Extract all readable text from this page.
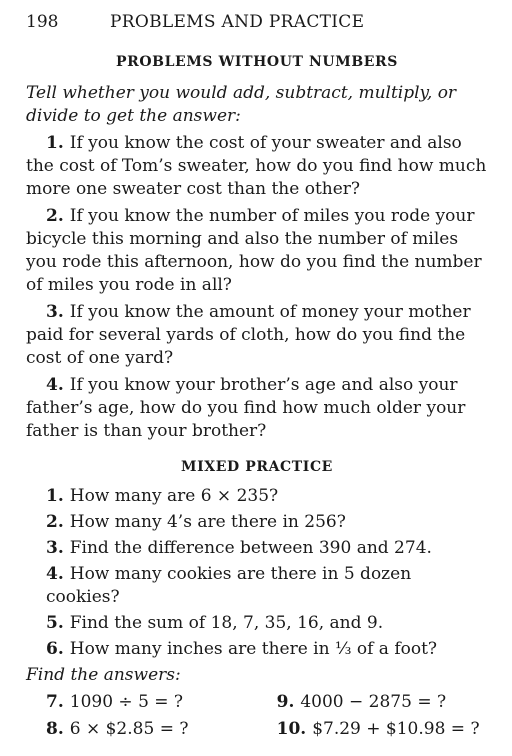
198	PROBLEMS AND PRACTICE
PROBLEMS WITHOUT NUMBERS

Tell whether you would add, subtract, multiply, or divide to get the answer:

1. If you know the cost of your sweater and also the cost of Tom’s sweater, how do you find how much more one sweater cost than the other?

2. If you know the number of miles you rode your bicycle this morning and also the number of miles you rode this afternoon, how do you find the number of miles you rode in all?

3. If you know the amount of money your mother paid for several yards of cloth, how do you find the cost of one yard?

4. If you know your brother’s age and also your father’s age, how do you find how much older your father is than your brother?

MIXED PRACTICE

1. How many are 6 × 235?

2. How many 4’s are there in 256?

3. Find the difference between 390 and 274.

4. How many cookies are there in 5 dozen cookies?

5. Find the sum of 18, 7, 35, 16, and 9.

6. How many inches are there in ⅓ of a foot?

Find the answers:

7. 1090 ÷ 5 = ?	9. 4000 − 2875 = ?
8. 6 × $2.85 = ?	10. $7.29 + $10.98 = ?
